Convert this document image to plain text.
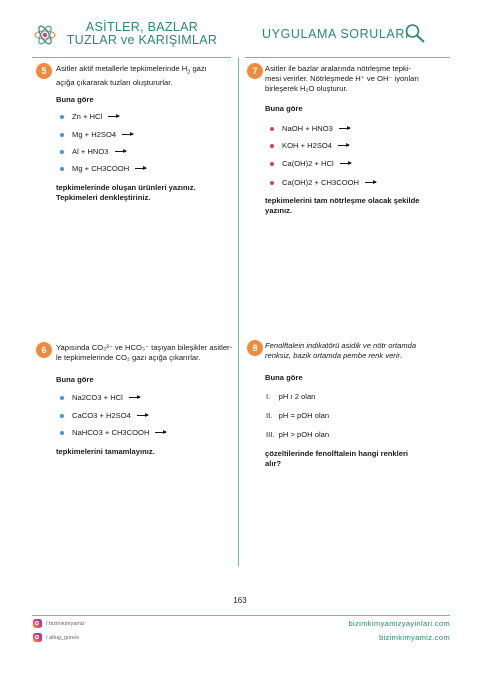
ASİTLER, BAZLAR
TUZLAR ve KARIŞIMLAR	UYGULAMA SORULARI
5	Asitler aktif metallerle tepkimelerinde $H_2$ gazı
açığa çıkararak tuzları oluştururlar.
Buna göre
Zn + HCl
Mg + H2SO4
Al + HNO3
Mg + CH3COOH
tepkimelerinde oluşan ürünleri yazınız.
Tepkimeleri denkleştiriniz.
7 Asitler ile bazlar aralarında nötrleşme tepki-
mesi verirler. Nötrleşmede H⁺ ve OH⁻ iyonları
birleşerek H₂O oluşturur.
Buna göre
NaOH + HNO3
KOH + H2SO4
Ca(OH)2 + HCl
Ca(OH)2 + CH3COOH
tepkimelerini tam nötrleşme olacak şekilde
yazınız.
6	Yapısında CO₃²⁻ ve HCO₃⁻ taşıyan bileşikler asitler-
le tepkimelerinde CO₂ gazı açığa çıkarırlar.
Buna göre
Na2CO3 + HCl
CaCO3 + H2SO4
NaHCO3 + CH3COOH
tepkimelerini tamamlayınız.
8 Fenolftalein indikatörü asidik ve nötr ortamda
renksiz, bazik ortamda pembe renk verir.
Buna göre
I.    pH ı 2 olan
II.   pH = pOH olan
III.  pH > pOH olan
çözeltilerinde fenolftalein hangi renkleri
alır?
163
/ bizimkimyamiz
/ altug_gunes
bizimkimyamizyayinlari.com
bizimkimyamiz.com
